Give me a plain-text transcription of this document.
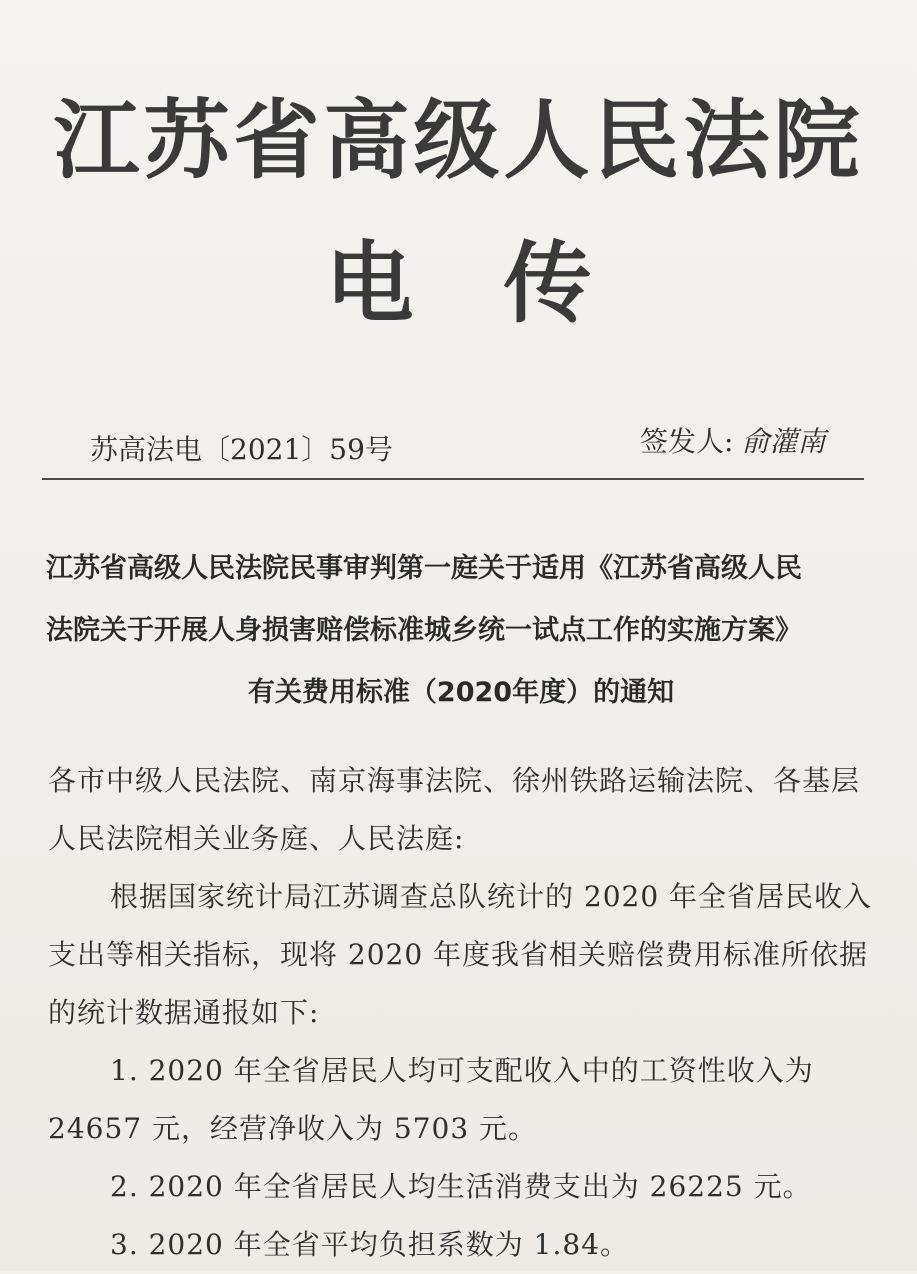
江苏省高级人民法院
电 传
苏高法电〔2021〕59号	签发人: 俞灌南
江苏省高级人民法院民事审判第一庭关于适用《江苏省高级人民
法院关于开展人身损害赔偿标准城乡统一试点工作的实施方案》
有关费用标准（2020年度）的通知
各市中级人民法院、南京海事法院、徐州铁路运输法院、各基层
人民法院相关业务庭、人民法庭:
根据国家统计局江苏调查总队统计的 2020 年全省居民收入
支出等相关指标，现将 2020 年度我省相关赔偿费用标准所依据
的统计数据通报如下:
1. 2020 年全省居民人均可支配收入中的工资性收入为
24657 元，经营净收入为 5703 元。
2. 2020 年全省居民人均生活消费支出为 26225 元。
3. 2020 年全省平均负担系数为 1.84。
